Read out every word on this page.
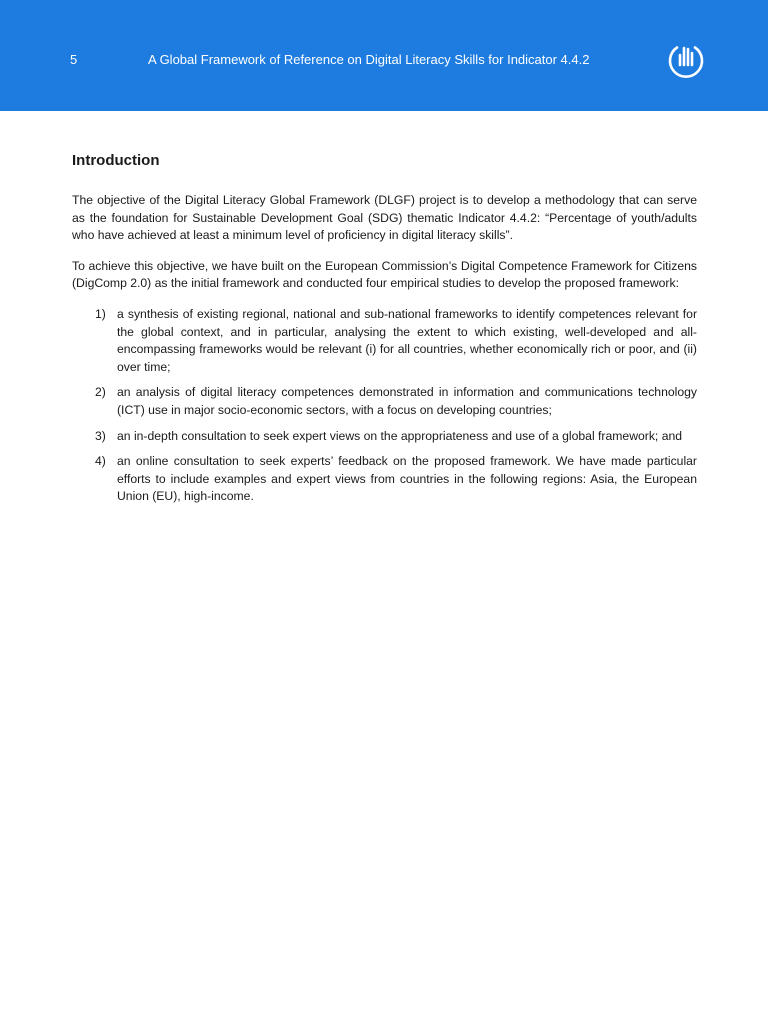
5	A Global Framework of Reference on Digital Literacy Skills for Indicator 4.4.2
Introduction

The objective of the Digital Literacy Global Framework (DLGF) project is to develop a methodology that can serve as the foundation for Sustainable Development Goal (SDG) thematic Indicator 4.4.2: “Percentage of youth/adults who have achieved at least a minimum level of proficiency in digital literacy skills”.

To achieve this objective, we have built on the European Commission’s Digital Competence Framework for Citizens (DigComp 2.0) as the initial framework and conducted four empirical studies to develop the proposed framework:

1) a synthesis of existing regional, national and sub-national frameworks to identify competences relevant for the global context, and in particular, analysing the extent to which existing, well-developed and all-encompassing frameworks would be relevant (i) for all countries, whether economically rich or poor, and (ii) over time;
2) an analysis of digital literacy competences demonstrated in information and communications technology (ICT) use in major socio-economic sectors, with a focus on developing countries;
3) an in-depth consultation to seek expert views on the appropriateness and use of a global framework; and
4) an online consultation to seek experts’ feedback on the proposed framework. We have made particular efforts to include examples and expert views from countries in the following regions: Asia, the European Union (EU), high-income.
